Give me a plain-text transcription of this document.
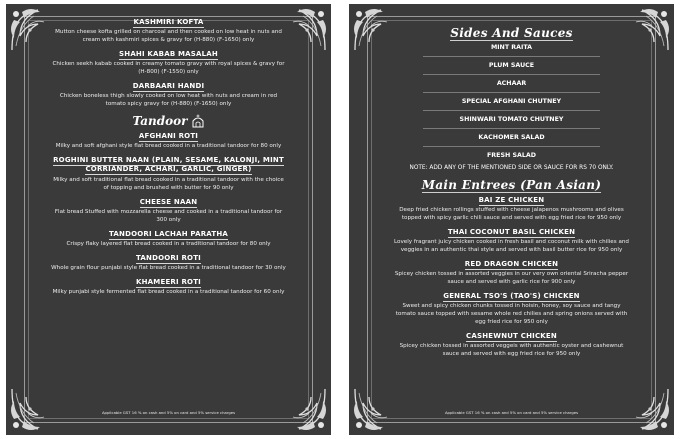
KASHMIRI KOFTA
Mutton cheese kofta grilled on charcoal and then cooked on low heat in nuts and cream with kashmiri spices & gravy for (H-880) (F-1650) only
SHAHI KABAB MASALAH
Chicken seekh kabab cooked in creamy tomato gravy with royal spices & gravy for (H-800) (F-1550) only
DARBAARI HANDI
Chicken boneless thigh slowly cooked on low heat with nuts and cream in red tomato spicy gravy for (H-880) (F-1650) only
Tandoor
AFGHANI ROTI
Milky and soft afghani style flat bread cooked in a traditional tandoor for 80 only
ROGHINI BUTTER NAAN (PLAIN, SESAME, KALONJI, MINT CORRIANDER, ACHARI, GARLIC, GINGER)
Milky and soft traditional flat bread cooked in a traditional tandoor with the choice of topping and brushed with butter for 90 only
CHEESE NAAN
Flat bread Stuffed with mozzarella cheese and cooked in a traditional tandoor for 300 only
TANDOORI LACHAH PARATHA
Crispy flaky layered flat bread cooked in a traditional tandoor for 80 only
TANDOORI ROTI
Whole grain flour punjabi style flat bread cooked in a traditional tandoor for 30 only
KHAMEERI ROTI
Milky punjabi style fermented flat bread cooked in a traditional tandoor for 60 only
Applicable GST 16 % on cash and 5% on card and 5% service charges
Sides And Sauces
MINT RAITA
PLUM SAUCE
ACHAAR
SPECIAL AFGHANI CHUTNEY
SHINWARI TOMATO CHUTNEY
KACHOMER SALAD
FRESH SALAD
NOTE: ADD ANY OF THE MENTIONED SIDE OR SAUCE FOR RS 70 ONLY.
Main Entrees (Pan Asian)
BAI ZE CHICKEN
Deep fried chicken rollings stuffed with cheese jalapenos mushrooms and olives topped with spicy garlic chili sauce and served with egg fried rice for 950 only
THAI COCONUT BASIL CHICKEN
Lovely fragrant juicy chicken cooked in fresh basil and coconut milk with chilies and veggies in an authentic thai style and served with basil butter rice for 950 only
RED DRAGON CHICKEN
Spicey chicken tossed in assorted veggies in our very own oriental Sriracha pepper sauce and served with garlic rice for 900 only
GENERAL TSO'S (TAO'S) CHICKEN
Sweet and spicy chicken chunks tossed in hoisin, honey, soy sauce and tangy tomato sauce topped with sesame whole red chilies and spring onions served with egg fried rice for 950 only
CASHEWNUT CHICKEN
Spicey chicken tossed in assorted veggeis with authentic oyster and cashewnut sauce and served with egg fried rice for 950 only
Applicable GST 16 % on cash and 5% on card and 5% service charges
